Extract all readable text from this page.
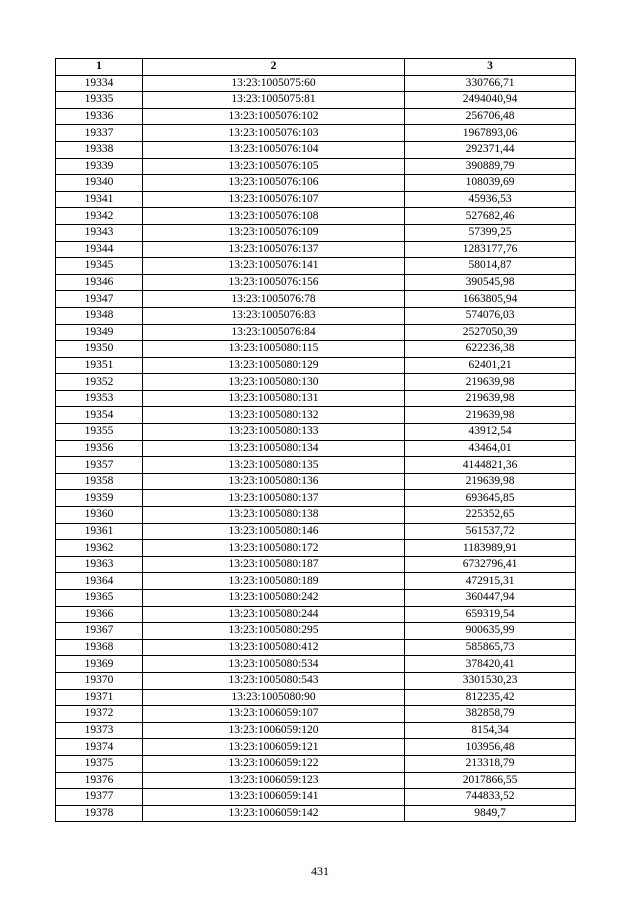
1	2	3
19334	13:23:1005075:60	330766,71
19335	13:23:1005075:81	2494040,94
19336	13:23:1005076:102	256706,48
19337	13:23:1005076:103	1967893,06
19338	13:23:1005076:104	292371,44
19339	13:23:1005076:105	390889,79
19340	13:23:1005076:106	108039,69
19341	13:23:1005076:107	45936,53
19342	13:23:1005076:108	527682,46
19343	13:23:1005076:109	57399,25
19344	13:23:1005076:137	1283177,76
19345	13:23:1005076:141	58014,87
19346	13:23:1005076:156	390545,98
19347	13:23:1005076:78	1663805,94
19348	13:23:1005076:83	574076,03
19349	13:23:1005076:84	2527050,39
19350	13:23:1005080:115	622236,38
19351	13:23:1005080:129	62401,21
19352	13:23:1005080:130	219639,98
19353	13:23:1005080:131	219639,98
19354	13:23:1005080:132	219639,98
19355	13:23:1005080:133	43912,54
19356	13:23:1005080:134	43464,01
19357	13:23:1005080:135	4144821,36
19358	13:23:1005080:136	219639,98
19359	13:23:1005080:137	693645,85
19360	13:23:1005080:138	225352,65
19361	13:23:1005080:146	561537,72
19362	13:23:1005080:172	1183989,91
19363	13:23:1005080:187	6732796,41
19364	13:23:1005080:189	472915,31
19365	13:23:1005080:242	360447,94
19366	13:23:1005080:244	659319,54
19367	13:23:1005080:295	900635,99
19368	13:23:1005080:412	585865,73
19369	13:23:1005080:534	378420,41
19370	13:23:1005080:543	3301530,23
19371	13:23:1005080:90	812235,42
19372	13:23:1006059:107	382858,79
19373	13:23:1006059:120	8154,34
19374	13:23:1006059:121	103956,48
19375	13:23:1006059:122	213318,79
19376	13:23:1006059:123	2017866,55
19377	13:23:1006059:141	744833,52
19378	13:23:1006059:142	9849,7
431
